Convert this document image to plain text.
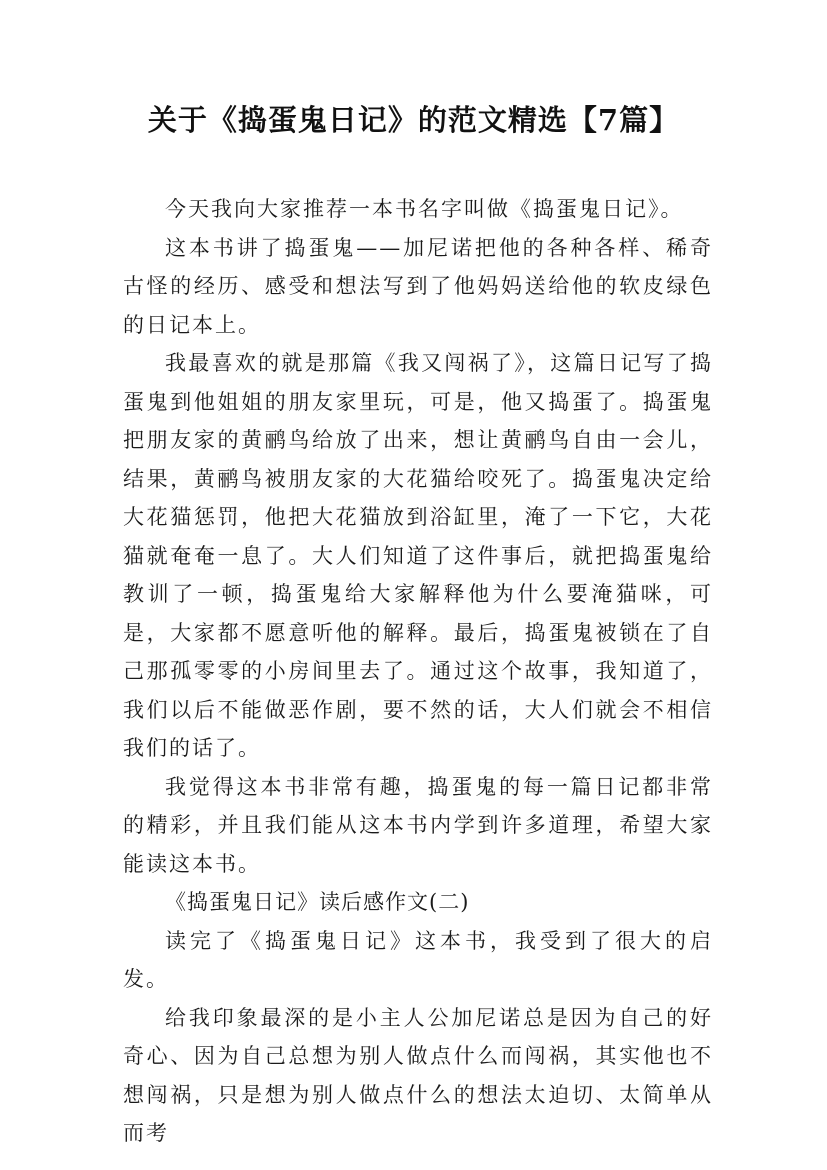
关于《捣蛋鬼日记》的范文精选【7篇】

今天我向大家推荐一本书名字叫做《捣蛋鬼日记》。

这本书讲了捣蛋鬼——加尼诺把他的各种各样、稀奇古怪的经历、感受和想法写到了他妈妈送给他的软皮绿色的日记本上。

我最喜欢的就是那篇《我又闯祸了》，这篇日记写了捣蛋鬼到他姐姐的朋友家里玩，可是，他又捣蛋了。捣蛋鬼把朋友家的黄鹂鸟给放了出来，想让黄鹂鸟自由一会儿，结果，黄鹂鸟被朋友家的大花猫给咬死了。捣蛋鬼决定给大花猫惩罚，他把大花猫放到浴缸里，淹了一下它，大花猫就奄奄一息了。大人们知道了这件事后，就把捣蛋鬼给教训了一顿，捣蛋鬼给大家解释他为什么要淹猫咪，可是，大家都不愿意听他的解释。最后，捣蛋鬼被锁在了自己那孤零零的小房间里去了。通过这个故事，我知道了，我们以后不能做恶作剧，要不然的话，大人们就会不相信我们的话了。

我觉得这本书非常有趣，捣蛋鬼的每一篇日记都非常的精彩，并且我们能从这本书内学到许多道理，希望大家能读这本书。

《捣蛋鬼日记》读后感作文(二)

读完了《捣蛋鬼日记》这本书，我受到了很大的启发。

给我印象最深的是小主人公加尼诺总是因为自己的好奇心、因为自己总想为别人做点什么而闯祸，其实他也不想闯祸，只是想为别人做点什么的想法太迫切、太简单从而考
